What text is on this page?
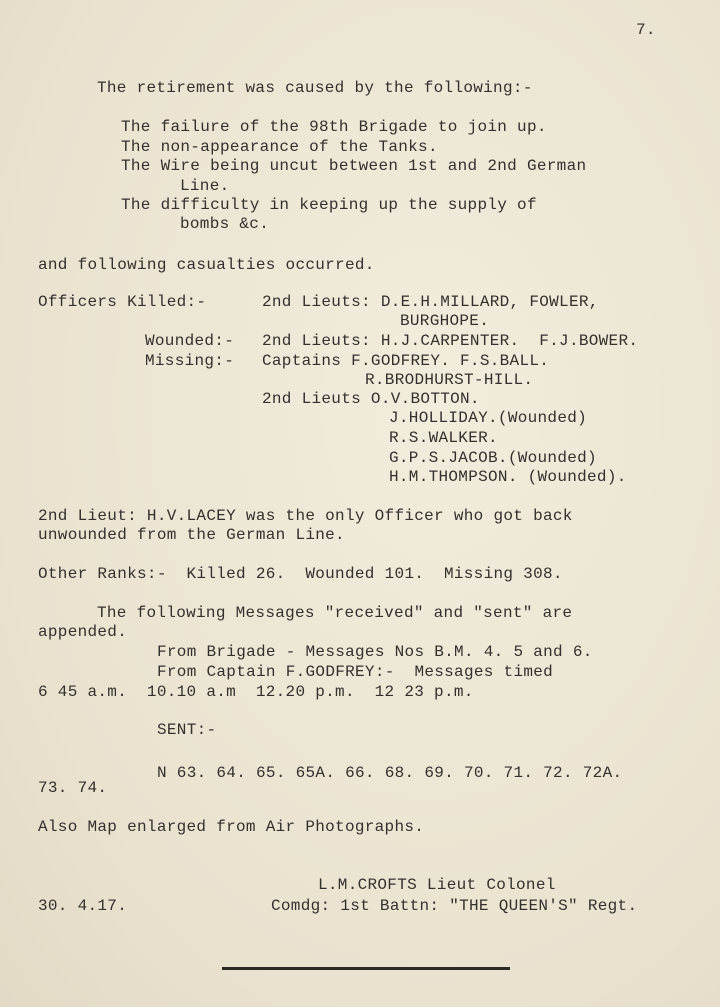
7.
The retirement was caused by the following:-
The failure of the 98th Brigade to join up.
The non-appearance of the Tanks.
The Wire being uncut between 1st and 2nd German
Line.
The difficulty in keeping up the supply of
bombs &c.
and following casualties occurred.
Officers Killed:-	2nd Lieuts: D.E.H.MILLARD, FOWLER,
BURGHOPE.
Wounded:- 2nd Lieuts: H.J.CARPENTER.  F.J.BOWER.
Missing:- Captains F.GODFREY. F.S.BALL.
R.BRODHURST-HILL.
2nd Lieuts O.V.BOTTON.
J.HOLLIDAY.(Wounded)
R.S.WALKER.
G.P.S.JACOB.(Wounded)
H.M.THOMPSON. (Wounded).
2nd Lieut: H.V.LACEY was the only Officer who got back
unwounded from the German Line.
Other Ranks:-  Killed 26.  Wounded 101.  Missing 308.
The following Messages "received" and "sent" are
appended.
From Brigade - Messages Nos B.M. 4. 5 and 6.
From Captain F.GODFREY:-  Messages timed
6 45 a.m.  10.10 a.m  12.20 p.m.  12 23 p.m.
SENT:-
N 63. 64. 65. 65A. 66. 68. 69. 70. 71. 72. 72A.
73. 74.
Also Map enlarged from Air Photographs.
L.M.CROFTS Lieut Colonel
30. 4.17.	Comdg: 1st Battn: "THE QUEEN'S" Regt.
